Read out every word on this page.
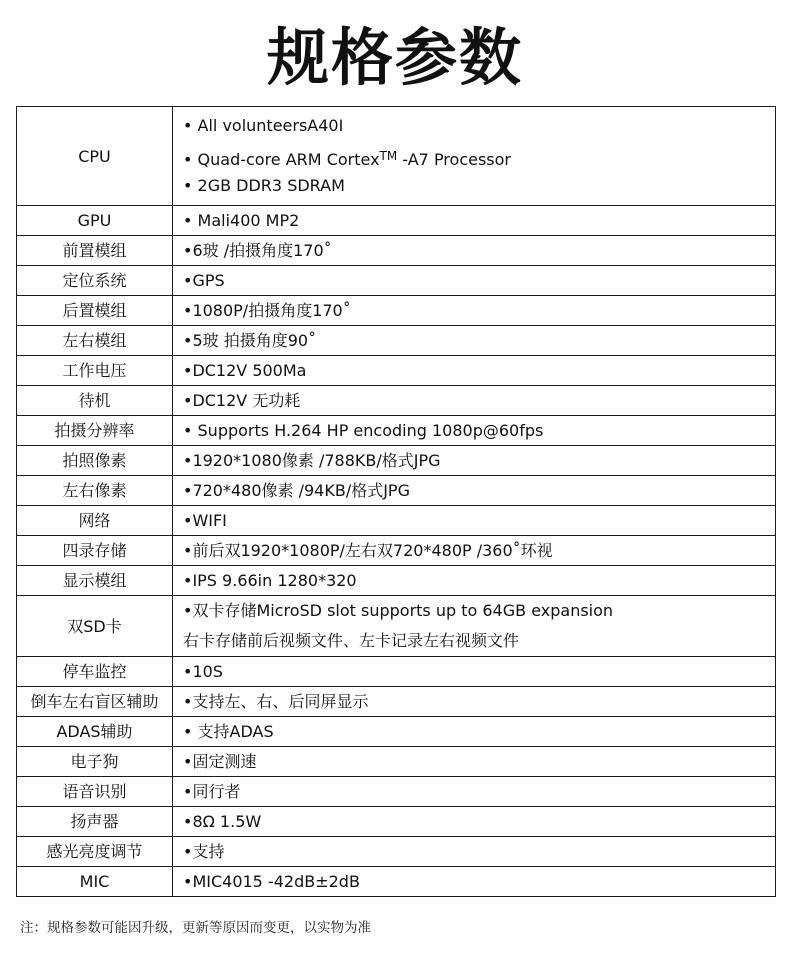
规格参数
CPU	• All volunteersA40I
• Quad-core ARM Cortex™ -A7 Processor
• 2GB DDR3 SDRAM

GPU	• Mali400 MP2
前置模组	•6玻 /拍摄角度170˚
定位系统	•GPS
后置模组	•1080P/拍摄角度170˚
左右模组	•5玻 拍摄角度90˚
工作电压	•DC12V 500Ma
待机	•DC12V 无功耗
拍摄分辨率	• Supports H.264 HP encoding 1080p@60fps
拍照像素	•1920*1080像素 /788KB/格式JPG
左右像素	•720*480像素 /94KB/格式JPG
网络	•WIFI
四录存储	•前后双1920*1080P/左右双720*480P /360˚环视
显示模组	•IPS 9.66in 1280*320
双SD卡	•双卡存储MicroSD slot supports up to 64GB expansion
右卡存储前后视频文件、左卡记录左右视频文件

停车监控	•10S
倒车左右盲区辅助	•支持左、右、后同屏显示
ADAS辅助	• 支持ADAS
电子狗	•固定测速
语音识别	•同行者
扬声器	•8Ω 1.5W
感光亮度调节	•支持
MIC	•MIC4015 -42dB±2dB

注：规格参数可能因升级，更新等原因而变更，以实物为准
